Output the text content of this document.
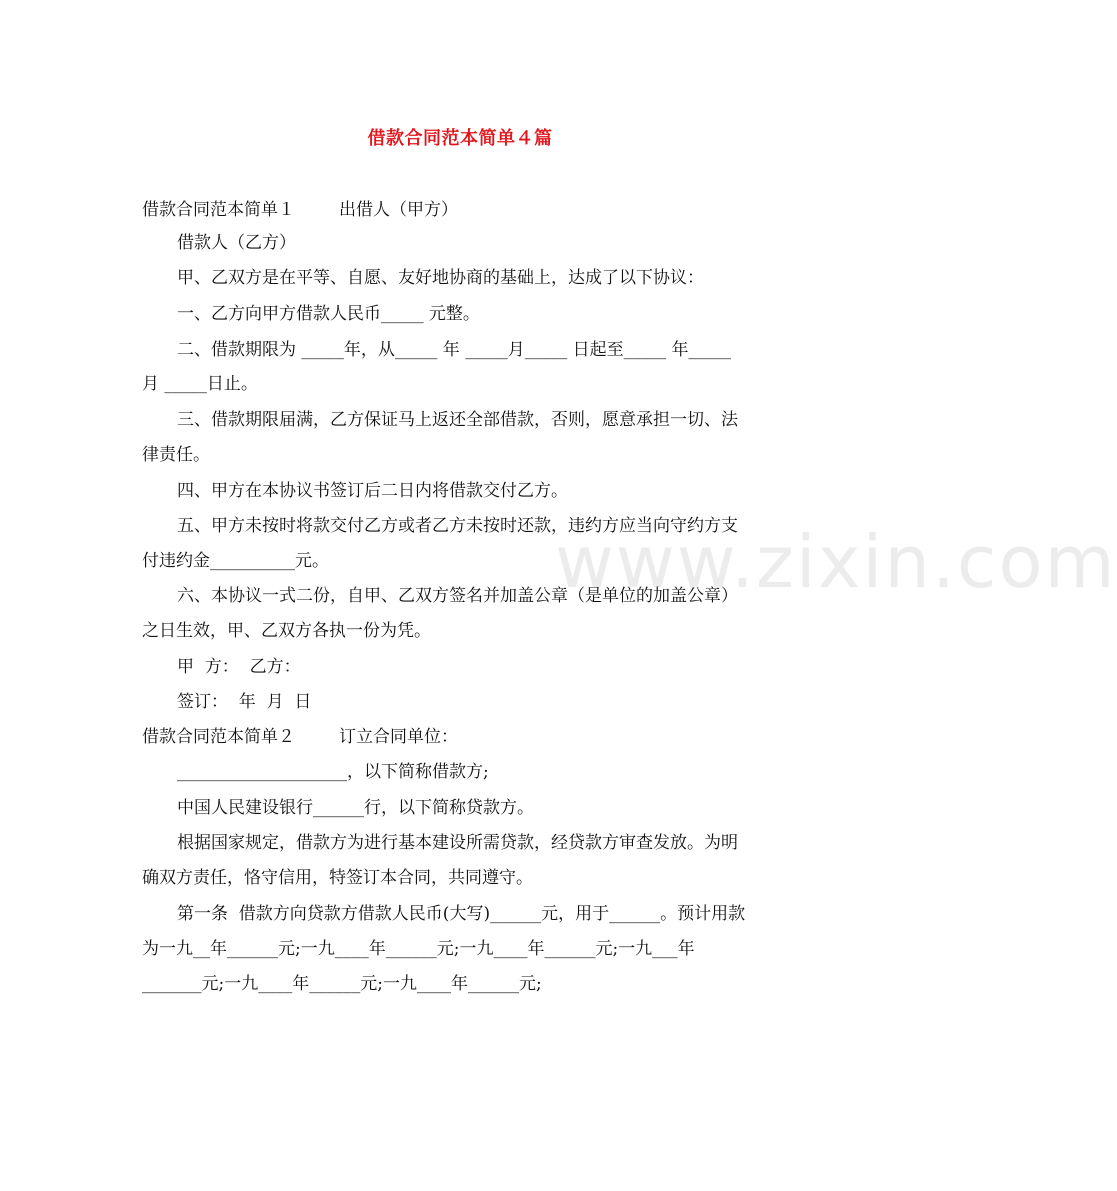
借款合同范本简单４篇
借款合同范本简单１	出借人（甲方）
借款人（乙方）
甲、乙双方是在平等、自愿、友好地协商的基础上，达成了以下协议：
一、乙方向甲方借款人民币_____ 元整。
二、借款期限为 _____年，从_____ 年 _____月_____ 日起至_____ 年_____
月 _____日止。
三、借款期限届满，乙方保证马上返还全部借款，否则，愿意承担一切、法
律责任。
四、甲方在本协议书签订后二日内将借款交付乙方。
五、甲方未按时将款交付乙方或者乙方未按时还款，违约方应当向守约方支
付违约金__________元。
六、本协议一式二份，自甲、乙双方签名并加盖公章（是单位的加盖公章）
之日生效，甲、乙双方各执一份为凭。
甲  方：  乙方：
签订：  年  月  日
借款合同范本简单２	订立合同单位：
____________________，以下简称借款方;
中国人民建设银行______行，以下简称贷款方。
根据国家规定，借款方为进行基本建设所需贷款，经贷款方审查发放。为明
确双方责任，恪守信用，特签订本合同，共同遵守。
第一条  借款方向贷款方借款人民币(大写)______元，用于______。预计用款
为一九__年______元;一九____年______元;一九____年______元;一九___年
_______元;一九____年______元;一九____年______元;
www.zixin.com
